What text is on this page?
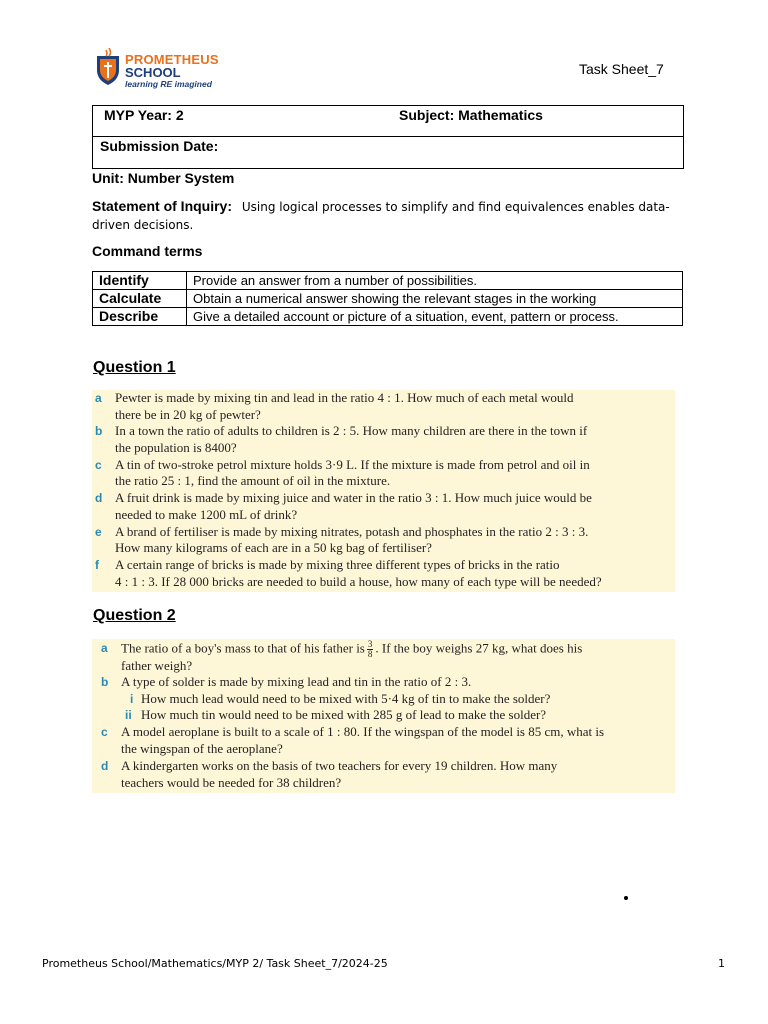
PROMETHEUS
SCHOOL
learning RE imagined
Task Sheet_7
MYP Year: 2	Subject: Mathematics
Submission Date:
Unit: Number System
Statement of Inquiry: Using logical processes to simplify and find equivalences enables data-driven decisions.
Command terms
Identify	Provide an answer from a number of possibilities.
Calculate	Obtain a numerical answer showing the relevant stages in the working
Describe	Give a detailed account or picture of a situation, event, pattern or process.
Question 1
a Pewter is made by mixing tin and lead in the ratio 4 : 1. How much of each metal would
there be in 20 kg of pewter?
b In a town the ratio of adults to children is 2 : 5. How many children are there in the town if
the population is 8400?
c A tin of two-stroke petrol mixture holds 3·9 L. If the mixture is made from petrol and oil in
the ratio 25 : 1, find the amount of oil in the mixture.
d A fruit drink is made by mixing juice and water in the ratio 3 : 1. How much juice would be
needed to make 1200 mL of drink?
e A brand of fertiliser is made by mixing nitrates, potash and phosphates in the ratio 2 : 3 : 3.
How many kilograms of each are in a 50 kg bag of fertiliser?
f A certain range of bricks is made by mixing three different types of bricks in the ratio
4 : 1 : 3. If 28 000 bricks are needed to build a house, how many of each type will be needed?
Question 2
a The ratio of a boy's mass to that of his father is $\frac{3}{8}$ . If the boy weighs 27 kg, what does his
father weigh?
b A type of solder is made by mixing lead and tin in the ratio of 2 : 3.
i How much lead would need to be mixed with 5·4 kg of tin to make the solder?
ii How much tin would need to be mixed with 285 g of lead to make the solder?
c A model aeroplane is built to a scale of 1 : 80. If the wingspan of the model is 85 cm, what is
the wingspan of the aeroplane?
d A kindergarten works on the basis of two teachers for every 19 children. How many
teachers would be needed for 38 children?
Prometheus School/Mathematics/MYP 2/ Task Sheet_7/2024-25	1
